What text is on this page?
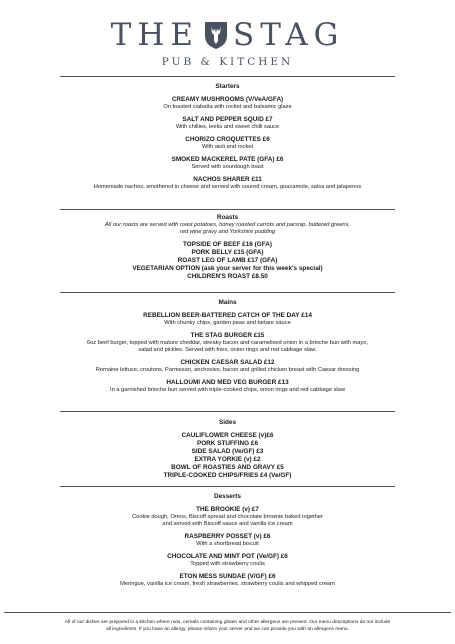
THE STAG
PUB & KITCHEN
Starters
CREAMY MUSHROOMS (V/VeA/GFA)
On toasted ciabatta with rocket and balsamic glaze
SALT AND PEPPER SQUID £7
With chillies, leeks and sweet chilli sauce
CHORIZO CROQUETTES £6
With aioli and rocket
SMOKED MACKEREL PATE (GFA) £6
Served with sourdough toast
NACHOS SHARER £11
Homemade nachos, smothered in cheese and served with soured cream, guacamole, salsa and jalapenos
Roasts
All our roasts are served with roast potatoes, honey roasted carrots and parsnip, buttered greens,
red wine gravy and Yorkshire pudding
TOPSIDE OF BEEF £16 (GFA)
PORK BELLY £15 (GFA)
ROAST LEG OF LAMB £17 (GFA)
VEGETARIAN OPTION (ask your server for this week's special)
CHILDREN'S ROAST £8.50
Mains
REBELLION BEER-BATTERED CATCH OF THE DAY £14
With chunky chips, garden peas and tartare sauce
THE STAG BURGER £15
6oz beef burger, topped with mature cheddar, streaky bacon and caramelised onion in a brioche bun with mayo,
salad and pickles. Served with fries, onion rings and red cabbage slaw.
CHICKEN CAESAR SALAD £12
Romaine lettuce, croutons, Parmesan, anchovies, bacon and grilled chicken breast with Caesar dressing
HALLOUMI AND MED VEG BURGER £13
In a garnished brioche bun served with triple-cooked chips, onion rings and red cabbage slaw
Sides
CAULIFLOWER CHEESE (v)£6
PORK STUFFING £6
SIDE SALAD (Ve/GF) £3
EXTRA YORKIE (v) £2
BOWL OF ROASTIES AND GRAVY £5
TRIPLE-COOKED CHIPS/FRIES £4 (Ve/GF)
Desserts
THE BROOKIE (v) £7
Cookie dough, Oreos, Biscoff spread and chocolate brownie baked together
and served with Biscoff sauce and vanilla ice cream
RASPBERRY POSSET (v) £6
With a shortbread biscuit
CHOCOLATE AND MINT POT (Ve/GF) £6
Topped with strawberry coulis
ETON MESS SUNDAE (V/GF) £6
Meringue, vanilla ice cream, fresh strawberries, strawberry coulis and whipped cream
All of our dishes are prepared in a kitchen where nuts, cereals containing gluten and other allergens are present. Our menu descriptions do not include
all ingredients. If you have an allergy, please inform your server and we can provide you with an allergens menu.
